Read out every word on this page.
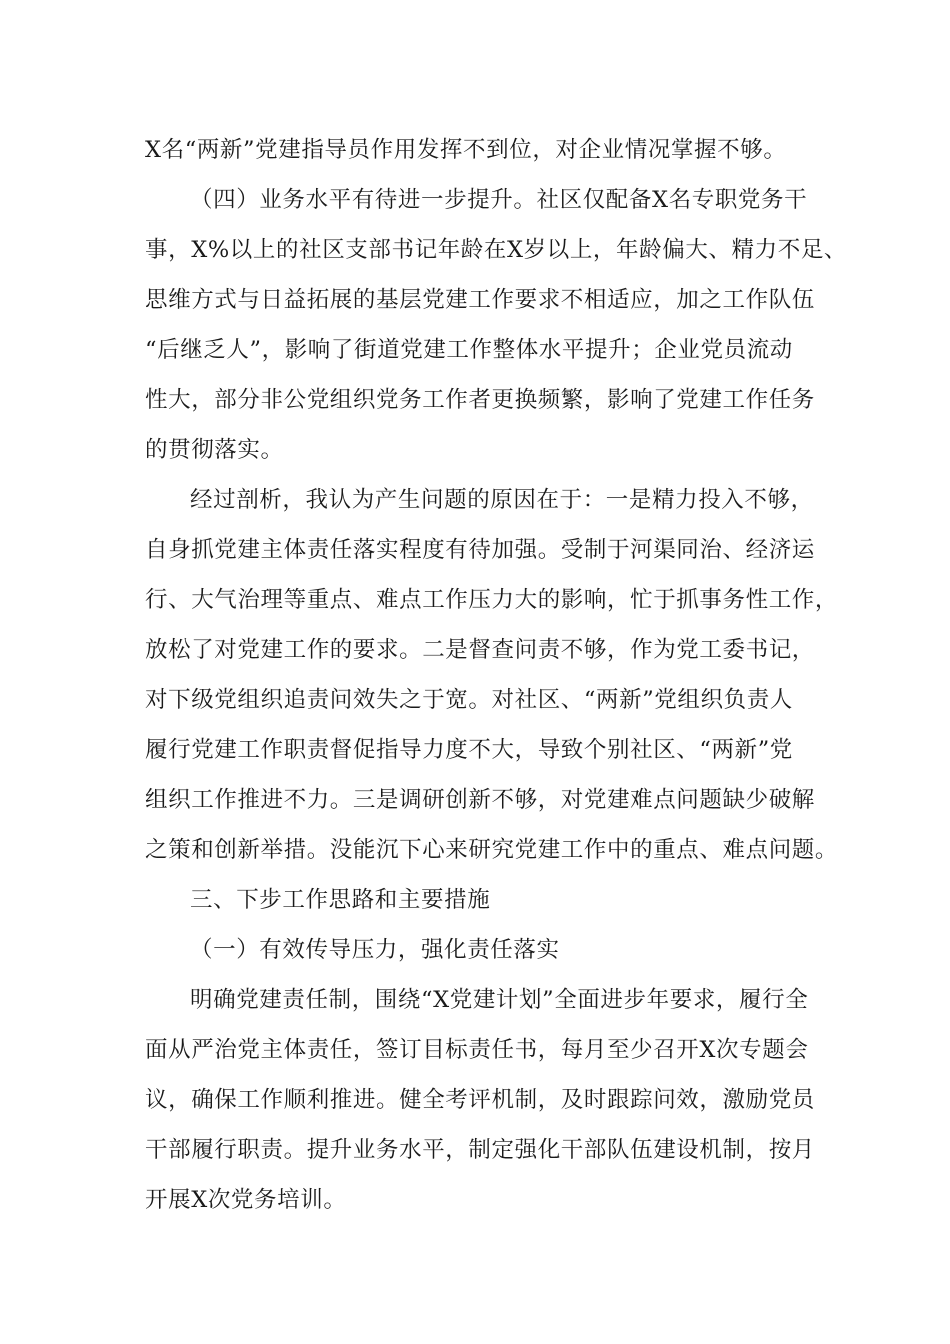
X名“两新”党建指导员作用发挥不到位，对企业情况掌握不够。
（四）业务水平有待进一步提升。社区仅配备X名专职党务干
事，X%以上的社区支部书记年龄在X岁以上，年龄偏大、精力不足、
思维方式与日益拓展的基层党建工作要求不相适应，加之工作队伍
“后继乏人”，影响了街道党建工作整体水平提升；企业党员流动
性大，部分非公党组织党务工作者更换频繁，影响了党建工作任务
的贯彻落实。
经过剖析，我认为产生问题的原因在于：一是精力投入不够，
自身抓党建主体责任落实程度有待加强。受制于河渠同治、经济运
行、大气治理等重点、难点工作压力大的影响，忙于抓事务性工作，
放松了对党建工作的要求。二是督查问责不够，作为党工委书记，
对下级党组织追责问效失之于宽。对社区、“两新”党组织负责人
履行党建工作职责督促指导力度不大，导致个别社区、“两新”党
组织工作推进不力。三是调研创新不够，对党建难点问题缺少破解
之策和创新举措。没能沉下心来研究党建工作中的重点、难点问题。
三、下步工作思路和主要措施
（一）有效传导压力，强化责任落实
明确党建责任制，围绕“X党建计划”全面进步年要求，履行全
面从严治党主体责任，签订目标责任书，每月至少召开X次专题会
议，确保工作顺利推进。健全考评机制，及时跟踪问效，激励党员
干部履行职责。提升业务水平，制定强化干部队伍建设机制，按月
开展X次党务培训。
